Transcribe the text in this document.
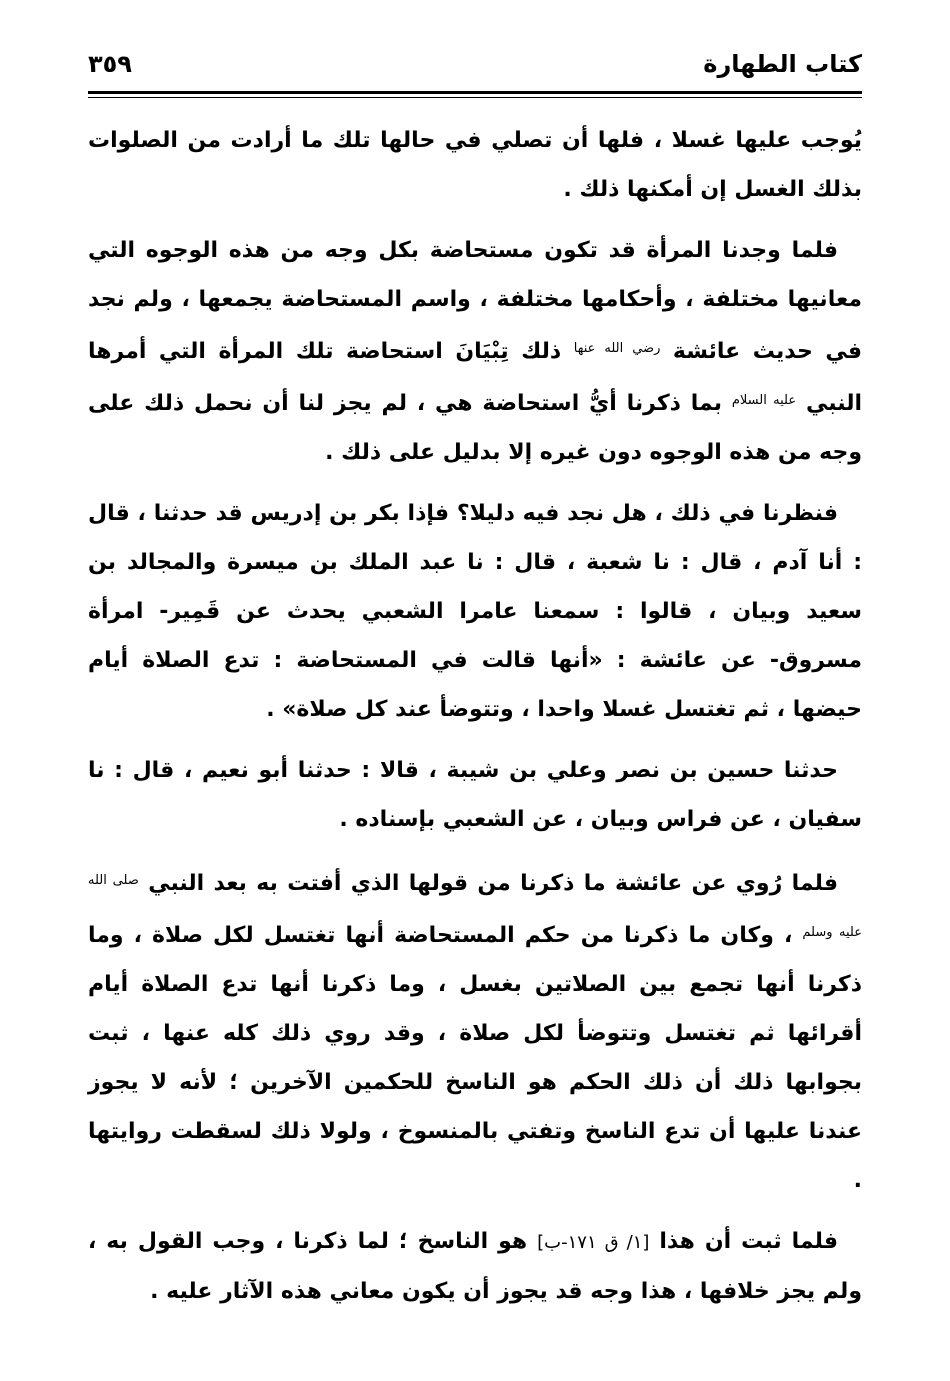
كتاب الطهارة
٣٥٩

يُوجب عليها غسلا ، فلها أن تصلي في حالها تلك ما أرادت من الصلوات بذلك الغسل إن أمكنها ذلك .

فلما وجدنا المرأة قد تكون مستحاضة بكل وجه من هذه الوجوه التي معانيها مختلفة ، وأحكامها مختلفة ، واسم المستحاضة يجمعها ، ولم نجد في حديث عائشة $^{رضي الله عنها}$ ذلك تِبْيَانَ استحاضة تلك المرأة التي أمرها النبي $^{عليه السلام}$ بما ذكرنا أيُّ استحاضة هي ، لم يجز لنا أن نحمل ذلك على وجه من هذه الوجوه دون غيره إلا بدليل على ذلك .

فنظرنا في ذلك ، هل نجد فيه دليلا؟ فإذا بكر بن إدريس قد حدثنا ، قال : أنا آدم ، قال : نا شعبة ، قال : نا عبد الملك بن ميسرة والمجالد بن سعيد وبيان ، قالوا : سمعنا عامرا الشعبي يحدث عن قَمِير- امرأة مسروق- عن عائشة : «أنها قالت في المستحاضة : تدع الصلاة أيام حيضها ، ثم تغتسل غسلا واحدا ، وتتوضأ عند كل صلاة» .

حدثنا حسين بن نصر وعلي بن شيبة ، قالا : حدثنا أبو نعيم ، قال : نا سفيان ، عن فراس وبيان ، عن الشعبي بإسناده .

فلما رُوي عن عائشة ما ذكرنا من قولها الذي أفتت به بعد النبي $^{صلى الله عليه وسلم}$ ، وكان ما ذكرنا من حكم المستحاضة أنها تغتسل لكل صلاة ، وما ذكرنا أنها تجمع بين الصلاتين بغسل ، وما ذكرنا أنها تدع الصلاة أيام أقرائها ثم تغتسل وتتوضأ لكل صلاة ، وقد روي ذلك كله عنها ، ثبت بجوابها ذلك أن ذلك الحكم هو الناسخ للحكمين الآخرين ؛ لأنه لا يجوز عندنا عليها أن تدع الناسخ وتفتي بالمنسوخ ، ولولا ذلك لسقطت روايتها .

فلما ثبت أن هذا [١/ ق ١٧١-ب] هو الناسخ ؛ لما ذكرنا ، وجب القول به ، ولم يجز خلافها ، هذا وجه قد يجوز أن يكون معاني هذه الآثار عليه .
